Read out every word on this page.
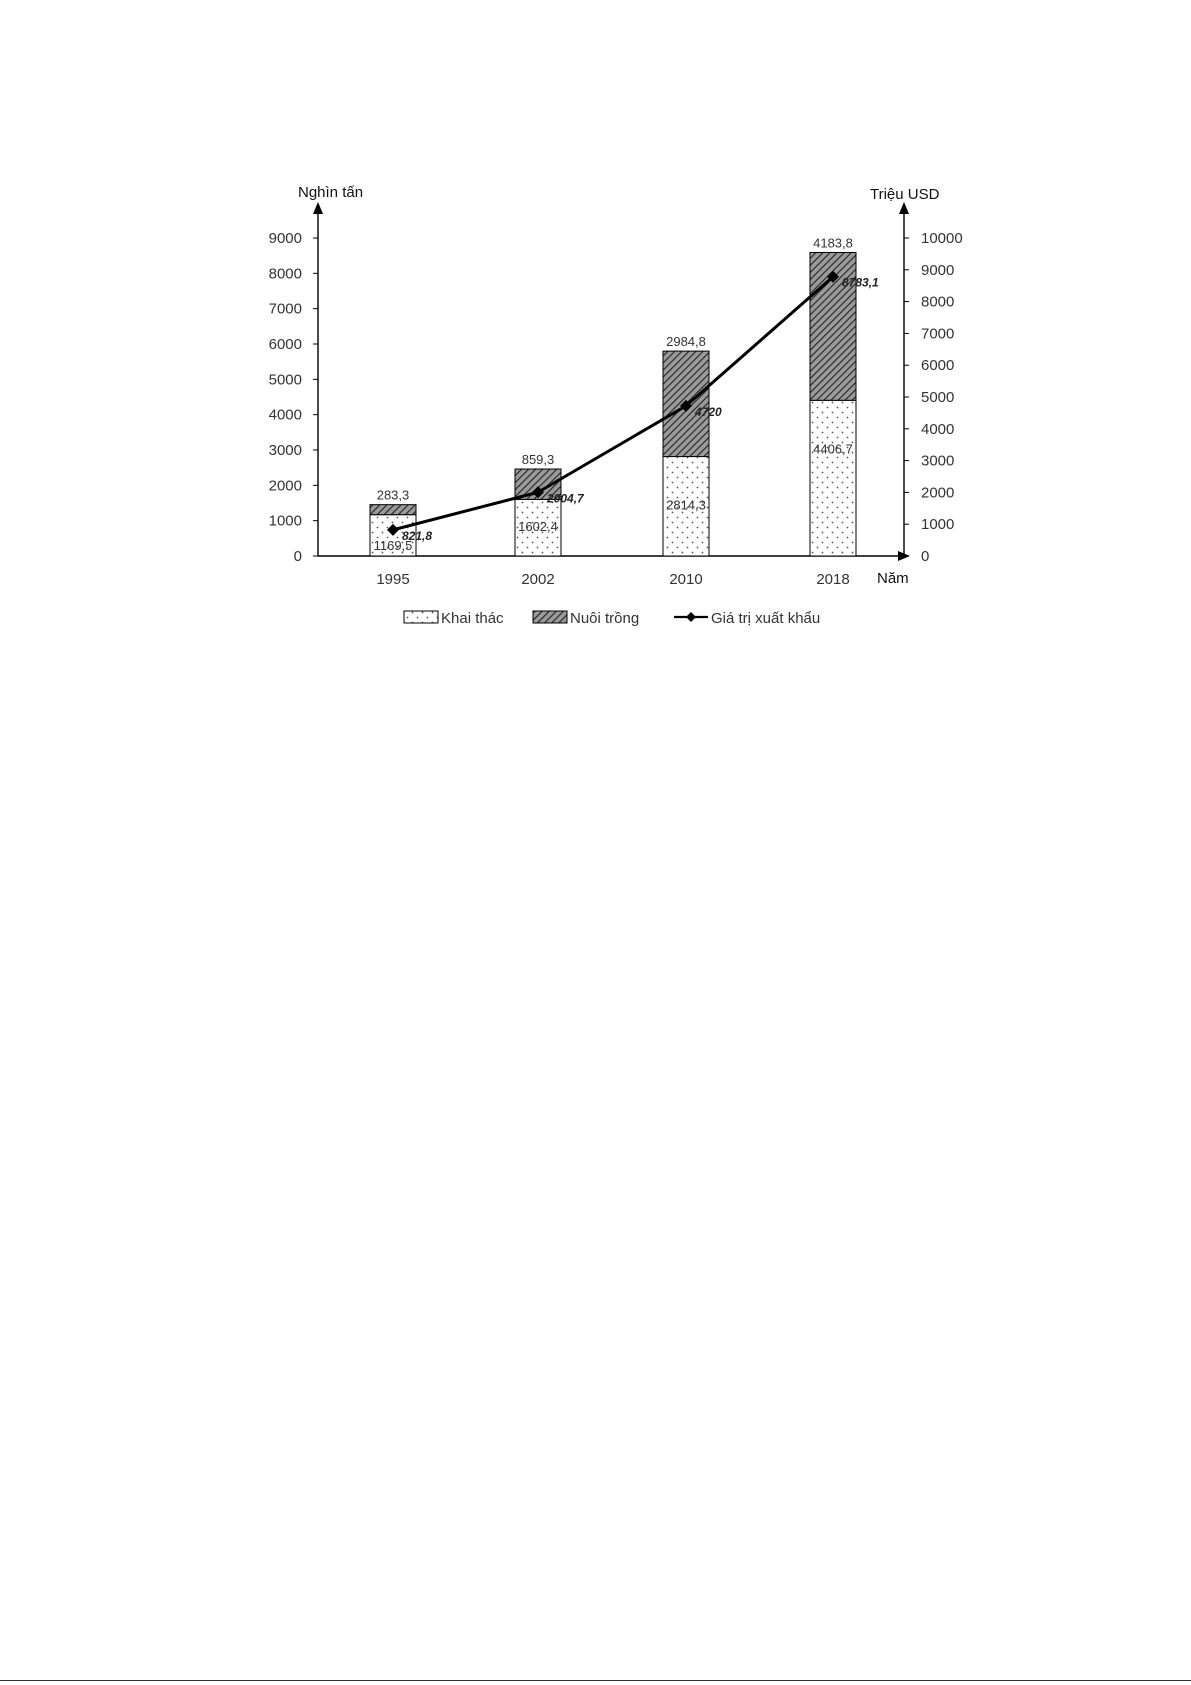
Nghìn tấn	Triệu USD
Năm
0
1000
2000
3000
4000
5000
6000
7000
8000
9000
0
1000
2000
3000
4000
5000
6000
7000
8000
9000
10000
283,3
1169,5
859,3
1602,4
2984,8
2814,3
4183,8
4406,7
1995	2002	2010	2018
821,8
2004,7
4720
8783,1
Khai thác	Nuôi trồng	Giá trị xuất khẩu
